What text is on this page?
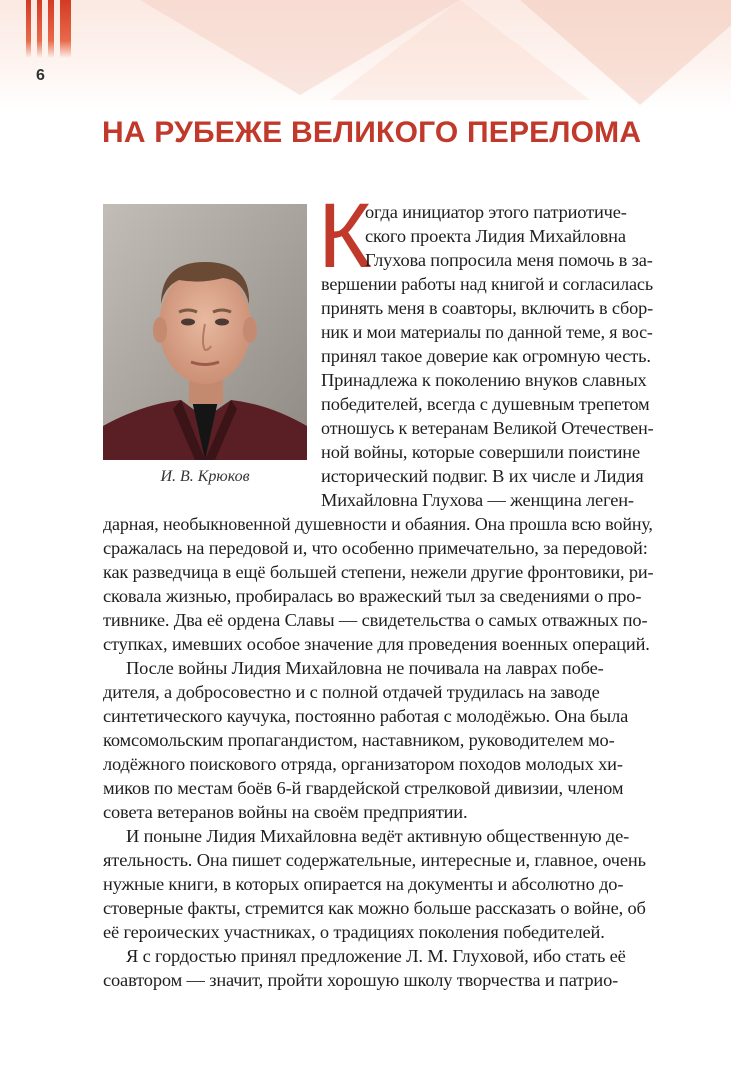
6
НА РУБЕЖЕ ВЕЛИКОГО ПЕРЕЛОМА
И. В. Крюков
К
огда инициатор этого патриотиче-
ского проекта Лидия Михайловна
Глухова попросила меня помочь в за-
вершении работы над книгой и согласилась
принять меня в соавторы, включить в сбор-
ник и мои материалы по данной теме, я вос-
принял такое доверие как огромную честь.
Принадлежа к поколению внуков славных
победителей, всегда с душевным трепетом
отношусь к ветеранам Великой Отечествен-
ной войны, которые совершили поистине
исторический подвиг. В их числе и Лидия
Михайловна Глухова — женщина леген-
дарная, необыкновенной душевности и обаяния. Она прошла всю войну,
сражалась на передовой и, что особенно примечательно, за передовой:
как разведчица в ещё большей степени, нежели другие фронтовики, ри-
сковала жизнью, пробиралась во вражеский тыл за сведениями о про-
тивнике. Два её ордена Славы — свидетельства о самых отважных по-
ступках, имевших особое значение для проведения военных операций.
После войны Лидия Михайловна не почивала на лаврах побе-
дителя, а добросовестно и с полной отдачей трудилась на заводе
синтетического каучука, постоянно работая с молодёжью. Она была
комсомольским пропагандистом, наставником, руководителем мо-
лодёжного поискового отряда, организатором походов молодых хи-
миков по местам боёв 6-й гвардейской стрелковой дивизии, членом
совета ветеранов войны на своём предприятии.
И поныне Лидия Михайловна ведёт активную общественную де-
ятельность. Она пишет содержательные, интересные и, главное, очень
нужные книги, в которых опирается на документы и абсолютно до-
стоверные факты, стремится как можно больше рассказать о войне, об
её героических участниках, о традициях поколения победителей.
Я с гордостью принял предложение Л. М. Глуховой, ибо стать её
соавтором — значит, пройти хорошую школу творчества и патрио-
